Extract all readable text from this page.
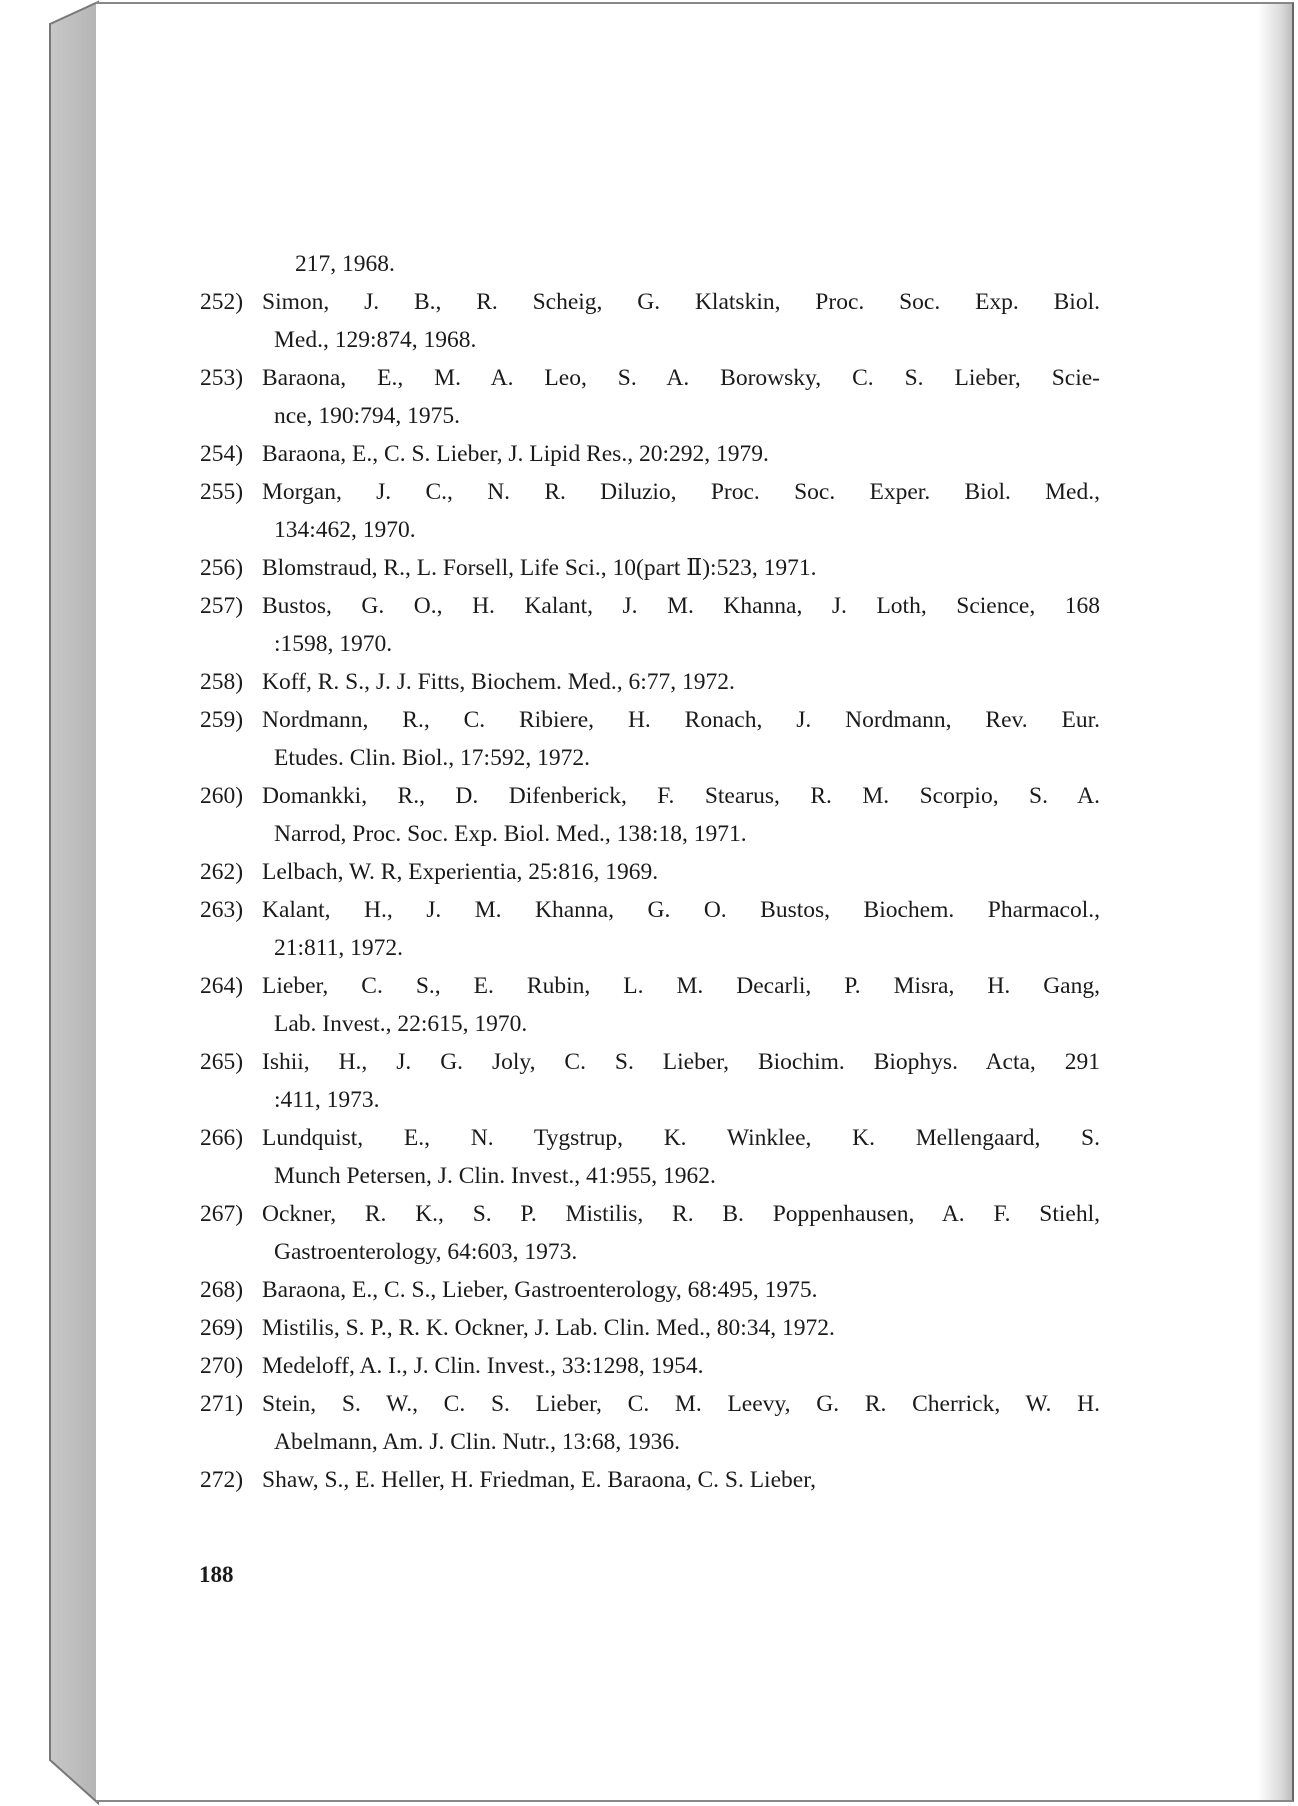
217, 1968.
252) Simon, J. B., R. Scheig, G. Klatskin, Proc. Soc. Exp. Biol.
Med., 129:874, 1968.
253) Baraona, E., M. A. Leo, S. A. Borowsky, C. S. Lieber, Scie-
nce, 190:794, 1975.
254) Baraona, E., C. S. Lieber, J. Lipid Res., 20:292, 1979.
255) Morgan, J. C., N. R. Diluzio, Proc. Soc. Exper. Biol. Med.,
134:462, 1970.
256) Blomstraud, R., L. Forsell, Life Sci., 10(part Ⅱ):523, 1971.
257) Bustos, G. O., H. Kalant, J. M. Khanna, J. Loth, Science, 168
:1598, 1970.
258) Koff, R. S., J. J. Fitts, Biochem. Med., 6:77, 1972.
259) Nordmann, R., C. Ribiere, H. Ronach, J. Nordmann, Rev. Eur.
Etudes. Clin. Biol., 17:592, 1972.
260) Domankki, R., D. Difenberick, F. Stearus, R. M. Scorpio, S. A.
Narrod, Proc. Soc. Exp. Biol. Med., 138:18, 1971.
262) Lelbach, W. R, Experientia, 25:816, 1969.
263) Kalant, H., J. M. Khanna, G. O. Bustos, Biochem. Pharmacol.,
21:811, 1972.
264) Lieber, C. S., E. Rubin, L. M. Decarli, P. Misra, H. Gang,
Lab. Invest., 22:615, 1970.
265) Ishii, H., J. G. Joly, C. S. Lieber, Biochim. Biophys. Acta, 291
:411, 1973.
266) Lundquist, E., N. Tygstrup, K. Winklee, K. Mellengaard, S.
Munch Petersen, J. Clin. Invest., 41:955, 1962.
267) Ockner, R. K., S. P. Mistilis, R. B. Poppenhausen, A. F. Stiehl,
Gastroenterology, 64:603, 1973.
268) Baraona, E., C. S., Lieber, Gastroenterology, 68:495, 1975.
269) Mistilis, S. P., R. K. Ockner, J. Lab. Clin. Med., 80:34, 1972.
270) Medeloff, A. I., J. Clin. Invest., 33:1298, 1954.
271) Stein, S. W., C. S. Lieber, C. M. Leevy, G. R. Cherrick, W. H.
Abelmann, Am. J. Clin. Nutr., 13:68, 1936.
272) Shaw, S., E. Heller, H. Friedman, E. Baraona, C. S. Lieber,
188
